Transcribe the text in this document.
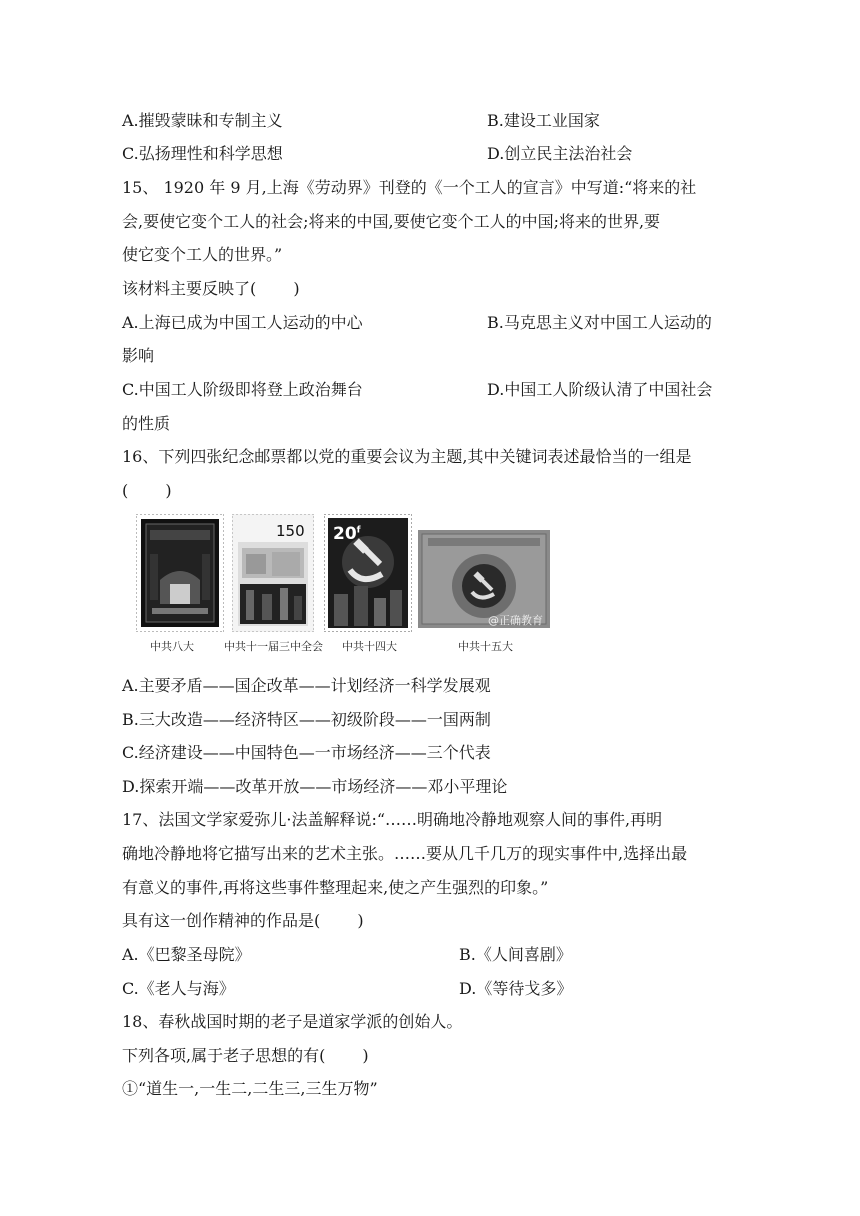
A.摧毁蒙昧和专制主义	B.建设工业国家
C.弘扬理性和科学思想	D.创立民主法治社会
15、 1920 年 9 月,上海《劳动界》刊登的《一个工人的宣言》中写道:“将来的社
会,要使它变个工人的社会;将来的中国,要使它变个工人的中国;将来的世界,要
使它变个工人的世界。”
该材料主要反映了(　　 )
A.上海已成为中国工人运动的中心	B.马克思主义对中国工人运动的
影响
C.中国工人阶级即将登上政治舞台	D.中国工人阶级认清了中国社会
的性质
16、下列四张纪念邮票都以党的重要会议为主题,其中关键词表述最恰当的一组是
(　　 )
150 20$^f$
中共八大	中共十一届三中全会 中共十四大	中共十五大
@正确教育
A.主要矛盾——国企改革——计划经济一科学发展观
B.三大改造——经济特区——初级阶段——一国两制
C.经济建设——中国特色—一市场经济——三个代表
D.探索开端——改革开放——市场经济——邓小平理论
17、法国文学家爱弥儿·法盖解释说:“……明确地冷静地观察人间的事件,再明
确地冷静地将它描写出来的艺术主张。……要从几千几万的现实事件中,选择出最
有意义的事件,再将这些事件整理起来,使之产生强烈的印象。”
具有这一创作精神的作品是(　　 )
A.《巴黎圣母院》	B.《人间喜剧》
C.《老人与海》	D.《等待戈多》
18、春秋战国时期的老子是道家学派的创始人。
下列各项,属于老子思想的有(　　 )
①“道生一,一生二,二生三,三生万物”
